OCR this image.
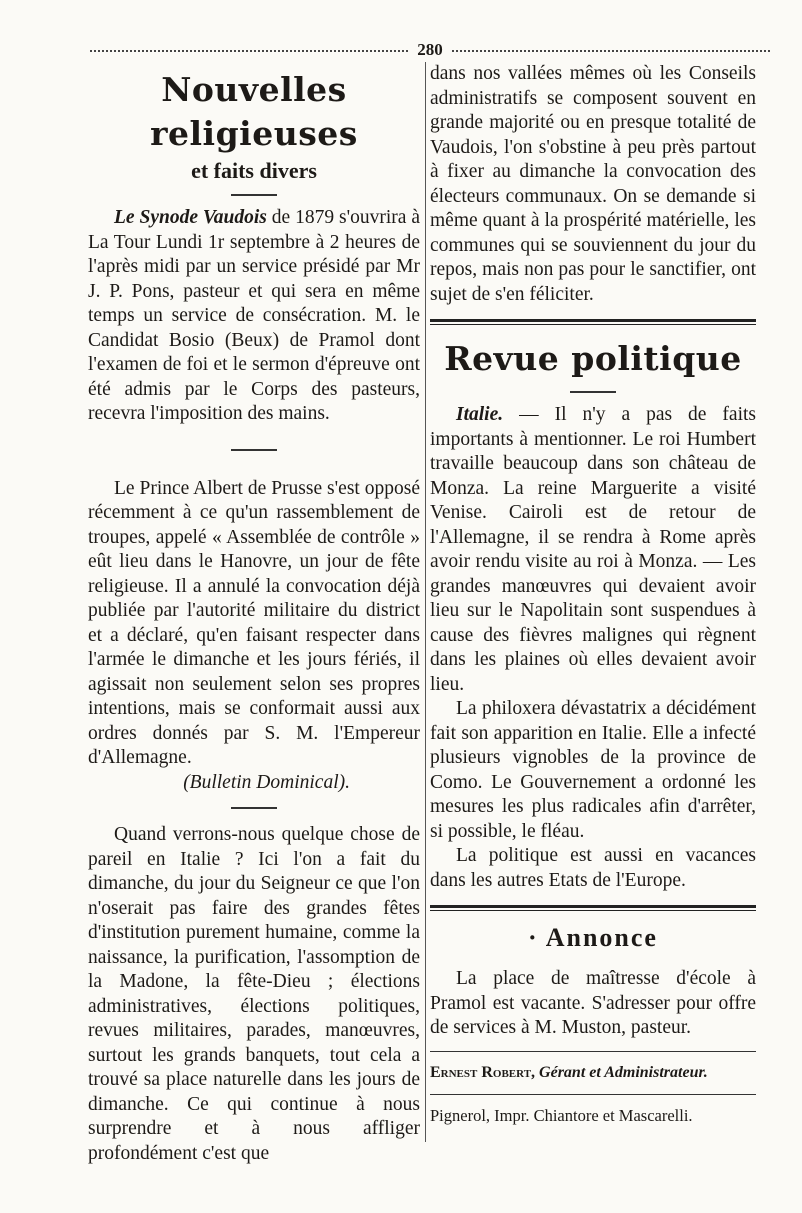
280
Nouvelles religieuses
et faits divers

Le Synode Vaudois de 1879 s'ouvrira à La Tour Lundi 1r septembre à 2 heures de l'après midi par un service présidé par Mr J. P. Pons, pasteur et qui sera en même temps un service de consécration. M. le Candidat Bosio (Beux) de Pramol dont l'examen de foi et le sermon d'épreuve ont été admis par le Corps des pasteurs, recevra l'imposition des mains.

Le Prince Albert de Prusse s'est opposé récemment à ce qu'un rassemblement de troupes, appelé « Assemblée de contrôle » eût lieu dans le Hanovre, un jour de fête religieuse. Il a annulé la convocation déjà publiée par l'autorité militaire du district et a déclaré, qu'en faisant respecter dans l'armée le dimanche et les jours fériés, il agissait non seulement selon ses propres intentions, mais se conformait aussi aux ordres donnés par S. M. l'Empereur d'Allemagne.

(Bulletin Dominical).

Quand verrons-nous quelque chose de pareil en Italie ? Ici l'on a fait du dimanche, du jour du Seigneur ce que l'on n'oserait pas faire des grandes fêtes d'institution purement humaine, comme la naissance, la purification, l'assomption de la Madone, la fête-Dieu ; élections administratives, élections politiques, revues militaires, parades, manœuvres, surtout les grands banquets, tout cela a trouvé sa place naturelle dans les jours de dimanche. Ce qui continue à nous surprendre et à nous affliger profondément c'est que

dans nos vallées mêmes où les Conseils administratifs se composent souvent en grande majorité ou en presque totalité de Vaudois, l'on s'obstine à peu près partout à fixer au dimanche la convocation des électeurs communaux. On se demande si même quant à la prospérité matérielle, les communes qui se souviennent du jour du repos, mais non pas pour le sanctifier, ont sujet de s'en féliciter.

Revue politique

Italie. — Il n'y a pas de faits importants à mentionner. Le roi Humbert travaille beaucoup dans son château de Monza. La reine Marguerite a visité Venise. Cairoli est de retour de l'Allemagne, il se rendra à Rome après avoir rendu visite au roi à Monza. — Les grandes manœuvres qui devaient avoir lieu sur le Napolitain sont suspendues à cause des fièvres malignes qui règnent dans les plaines où elles devaient avoir lieu.

La philoxera dévastatrix a décidément fait son apparition en Italie. Elle a infecté plusieurs vignobles de la province de Como. Le Gouvernement a ordonné les mesures les plus radicales afin d'arrêter, si possible, le fléau.

La politique est aussi en vacances dans les autres Etats de l'Europe.

· Annonce

La place de maîtresse d'école à Pramol est vacante. S'adresser pour offre de services à M. Muston, pasteur.

Ernest Robert, Gérant et Administrateur.

Pignerol, Impr. Chiantore et Mascarelli.
